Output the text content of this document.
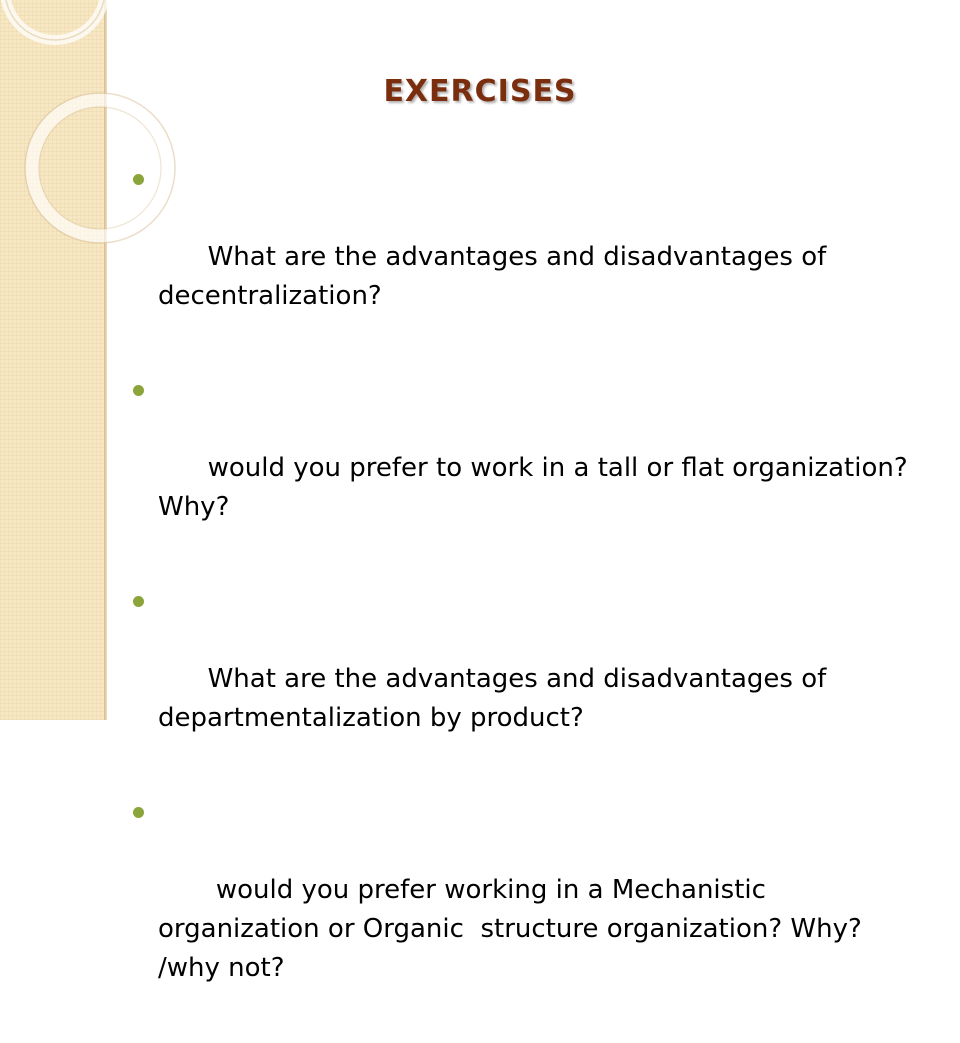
EXERCISES

What are the advantages and disadvantages of decentralization?

would you prefer to work in a tall or flat organization? Why?

What are the advantages and disadvantages of departmentalization by product?

would you prefer working in a Mechanistic organization or Organic  structure organization? Why? /why not?
